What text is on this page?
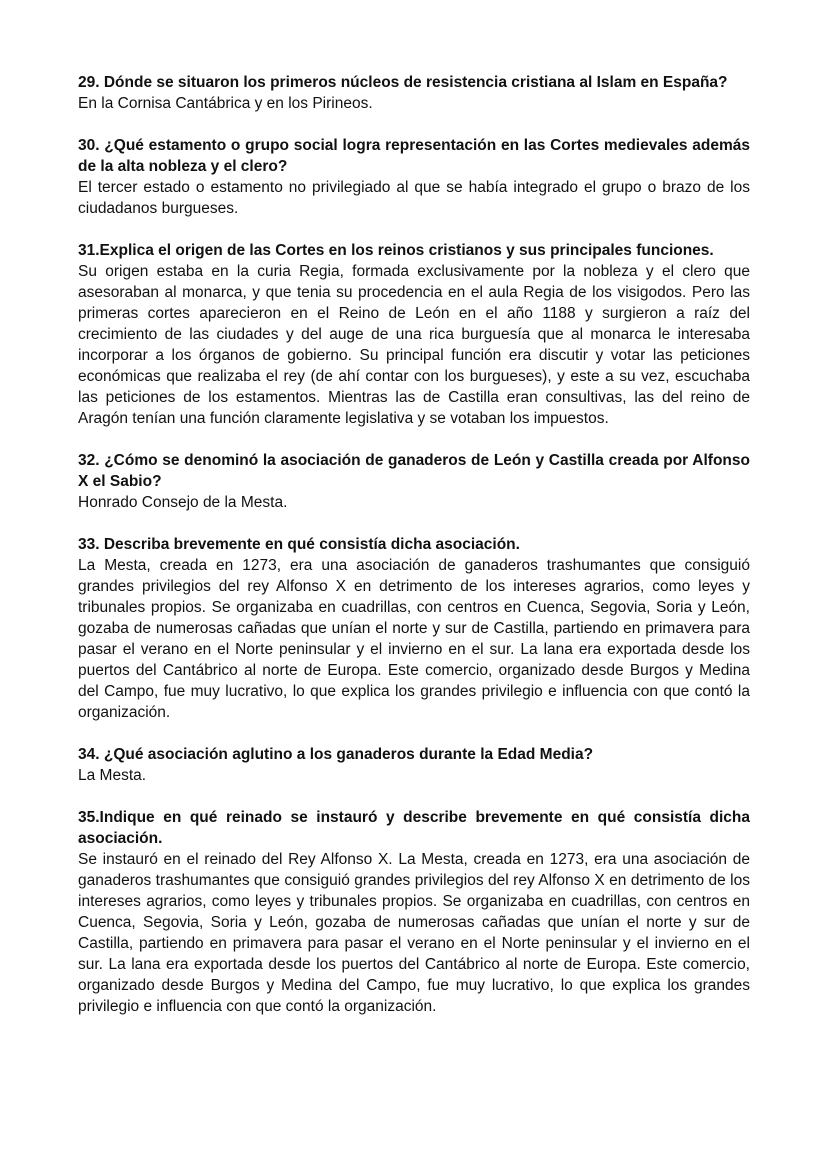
29. Dónde se situaron los primeros núcleos de resistencia cristiana al Islam en España?

En la Cornisa Cantábrica y en los Pirineos.

30. ¿Qué estamento o grupo social logra representación en las Cortes medievales además de la alta nobleza y el clero?

El tercer estado o estamento no privilegiado al que se había integrado el grupo o brazo de los ciudadanos burgueses.

31.Explica el origen de las Cortes en los reinos cristianos y sus principales funciones.

Su origen estaba en la curia Regia, formada exclusivamente por la nobleza y el clero que asesoraban al monarca, y que tenia su procedencia en el aula Regia de los visigodos. Pero las primeras cortes aparecieron en el Reino de León en el año 1188 y surgieron a raíz del crecimiento de las ciudades y del auge de una rica burguesía que al monarca le interesaba incorporar a los órganos de gobierno. Su principal función era discutir y votar las peticiones económicas que realizaba el rey (de ahí contar con los burgueses), y este a su vez, escuchaba las peticiones de los estamentos. Mientras las de Castilla eran consultivas, las del reino de Aragón tenían una función claramente legislativa y se votaban los impuestos.

32. ¿Cómo se denominó la asociación de ganaderos de León y Castilla creada por Alfonso X el Sabio?

Honrado Consejo de la Mesta.

33. Describa brevemente en qué consistía dicha asociación.

La Mesta, creada en 1273, era una asociación de ganaderos trashumantes que consiguió grandes privilegios del rey Alfonso X en detrimento de los intereses agrarios, como leyes y tribunales propios. Se organizaba en cuadrillas, con centros en Cuenca, Segovia, Soria y León, gozaba de numerosas cañadas que unían el norte y sur de Castilla, partiendo en primavera para pasar el verano en el Norte peninsular y el invierno en el sur. La lana era exportada desde los puertos del Cantábrico al norte de Europa. Este comercio, organizado desde Burgos y Medina del Campo, fue muy lucrativo, lo que explica los grandes privilegio e influencia con que contó la organización.

34. ¿Qué asociación aglutino a los ganaderos durante la Edad Media?

La Mesta.

35.Indique en qué reinado se instauró y describe brevemente en qué consistía dicha asociación.

Se instauró en el reinado del Rey Alfonso X. La Mesta, creada en 1273, era una asociación de ganaderos trashumantes que consiguió grandes privilegios del rey Alfonso X en detrimento de los intereses agrarios, como leyes y tribunales propios. Se organizaba en cuadrillas, con centros en Cuenca, Segovia, Soria y León, gozaba de numerosas cañadas que unían el norte y sur de Castilla, partiendo en primavera para pasar el verano en el Norte peninsular y el invierno en el sur. La lana era exportada desde los puertos del Cantábrico al norte de Europa. Este comercio, organizado desde Burgos y Medina del Campo, fue muy lucrativo, lo que explica los grandes privilegio e influencia con que contó la organización.
